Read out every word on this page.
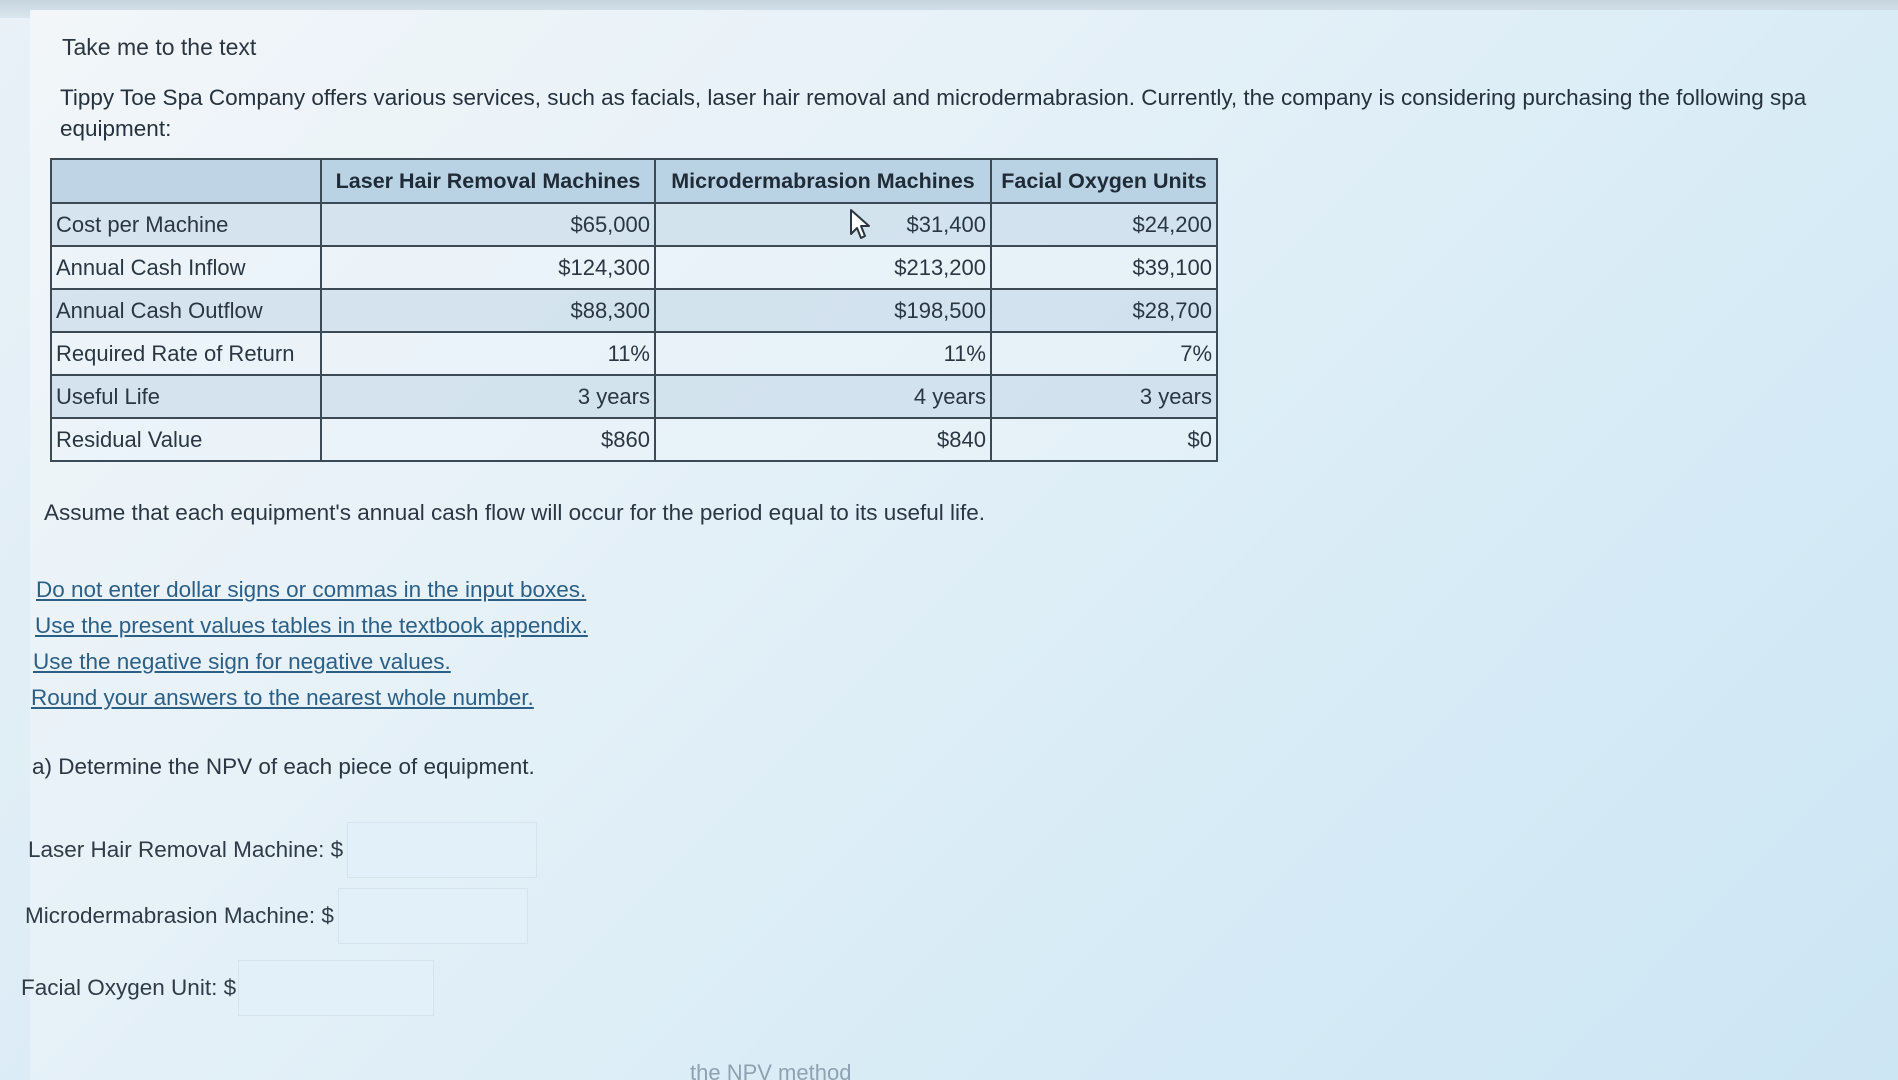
Take me to the text
Tippy Toe Spa Company offers various services, such as facials, laser hair removal and microdermabrasion. Currently, the company is considering purchasing the following spa equipment:
	Laser Hair Removal Machines	Microdermabrasion Machines	Facial Oxygen Units
Cost per Machine	$65,000	$31,400	$24,200
Annual Cash Inflow	$124,300	$213,200	$39,100
Annual Cash Outflow	$88,300	$198,500	$28,700
Required Rate of Return	11%	11%	7%
Useful Life	3 years	4 years	3 years
Residual Value	$860	$840	$0
Assume that each equipment's annual cash flow will occur for the period equal to its useful life.
Do not enter dollar signs or commas in the input boxes.
Use the present values tables in the textbook appendix.
Use the negative sign for negative values.
Round your answers to the nearest whole number.
a) Determine the NPV of each piece of equipment.
Laser Hair Removal Machine: $
Microdermabrasion Machine: $
Facial Oxygen Unit: $
the NPV method
